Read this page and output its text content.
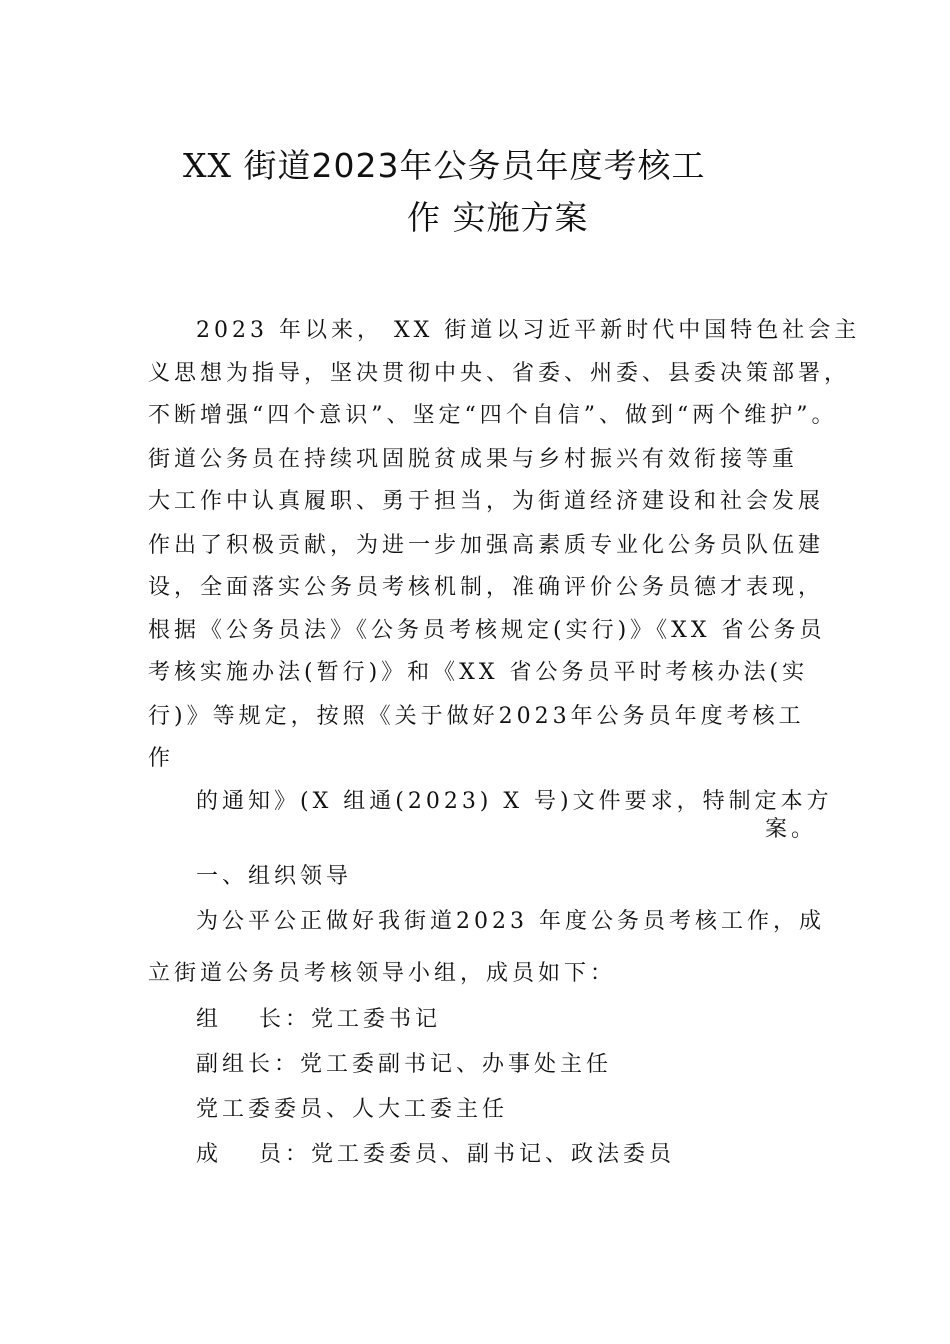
XX 街道2023年公务员年度考核工
作 实施方案
2023 年以来， XX 街道以习近平新时代中国特色社会主
义思想为指导，坚决贯彻中央、省委、州委、县委决策部署，
不断增强“四个意识”、坚定“四个自信”、做到“两个维护”。
街道公务员在持续巩固脱贫成果与乡村振兴有效衔接等重
大工作中认真履职、勇于担当，为街道经济建设和社会发展
作出了积极贡献，为进一步加强高素质专业化公务员队伍建
设，全面落实公务员考核机制，准确评价公务员德才表现，
根据《公务员法》《公务员考核规定(实行)》《XX 省公务员
考核实施办法(暂行)》和《XX 省公务员平时考核办法(实
行)》等规定，按照《关于做好2023年公务员年度考核工
作
的通知》(X 组通(2023) X 号)文件要求，特制定本方
案。
一、组织领导
为公平公正做好我街道2023 年度公务员考核工作，成
立街道公务员考核领导小组，成员如下：
组　 长：党工委书记
副组长：党工委副书记、办事处主任
党工委委员、人大工委主任
成　 员：党工委委员、副书记、政法委员
